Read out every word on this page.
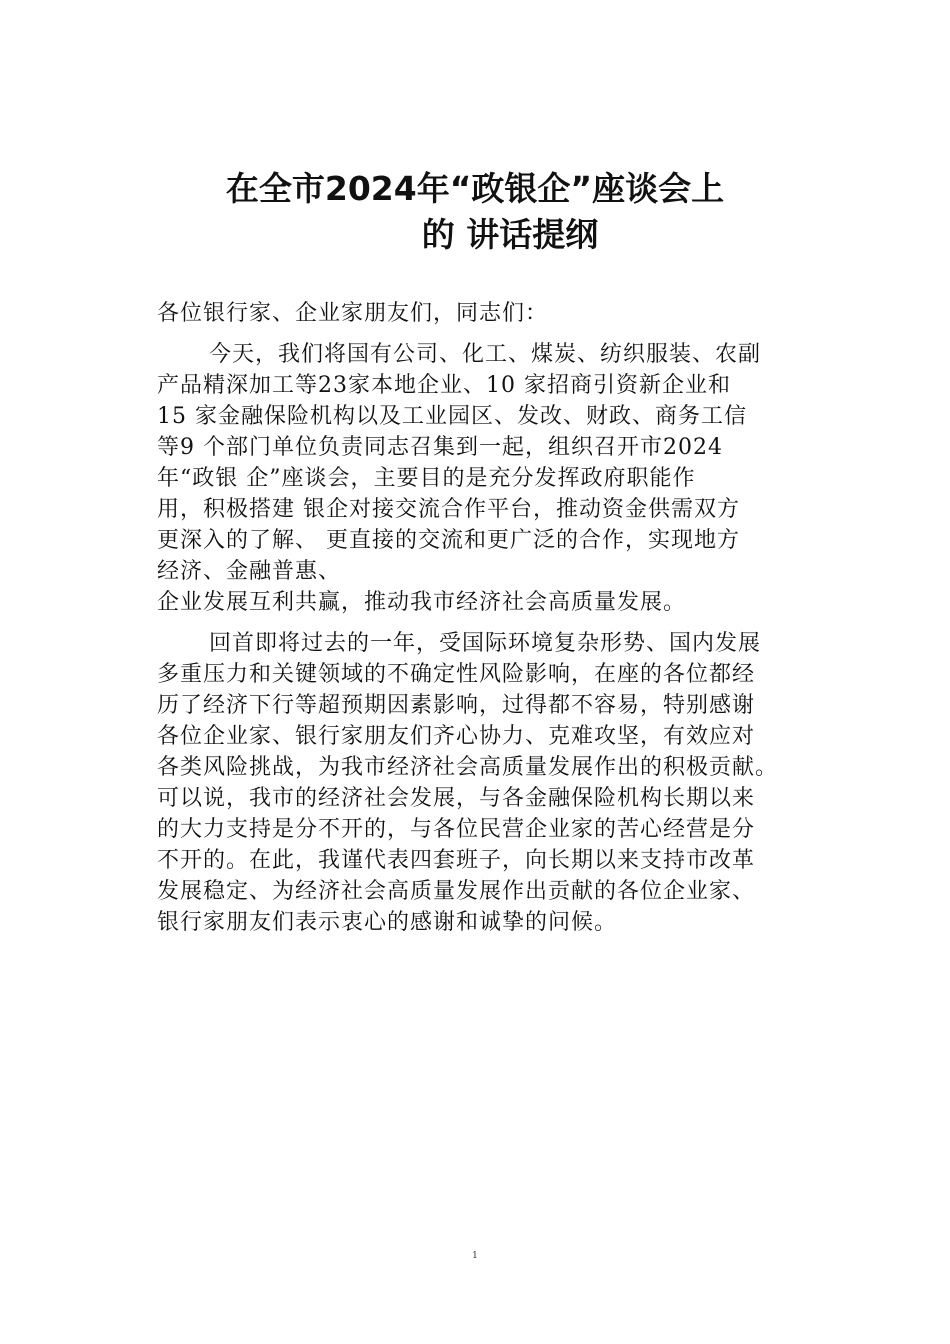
在全市2024年“政银企”座谈会上
的 讲话提纲
各位银行家、企业家朋友们，同志们：
今天，我们将国有公司、化工、煤炭、纺织服装、农副
产品精深加工等23家本地企业、10 家招商引资新企业和
15 家金融保险机构以及工业园区、发改、财政、商务工信
等9 个部门单位负责同志召集到一起，组织召开市2024
年“政银 企”座谈会，主要目的是充分发挥政府职能作
用，积极搭建 银企对接交流合作平台，推动资金供需双方
更深入的了解、 更直接的交流和更广泛的合作，实现地方
经济、金融普惠、
企业发展互利共赢，推动我市经济社会高质量发展。
回首即将过去的一年，受国际环境复杂形势、国内发展
多重压力和关键领域的不确定性风险影响，在座的各位都经
历了经济下行等超预期因素影响，过得都不容易，特别感谢
各位企业家、银行家朋友们齐心协力、克难攻坚，有效应对
各类风险挑战，为我市经济社会高质量发展作出的积极贡献。
可以说，我市的经济社会发展，与各金融保险机构长期以来
的大力支持是分不开的，与各位民营企业家的苦心经营是分
不开的。在此，我谨代表四套班子，向长期以来支持市改革
发展稳定、为经济社会高质量发展作出贡献的各位企业家、
银行家朋友们表示衷心的感谢和诚挚的问候。
1
